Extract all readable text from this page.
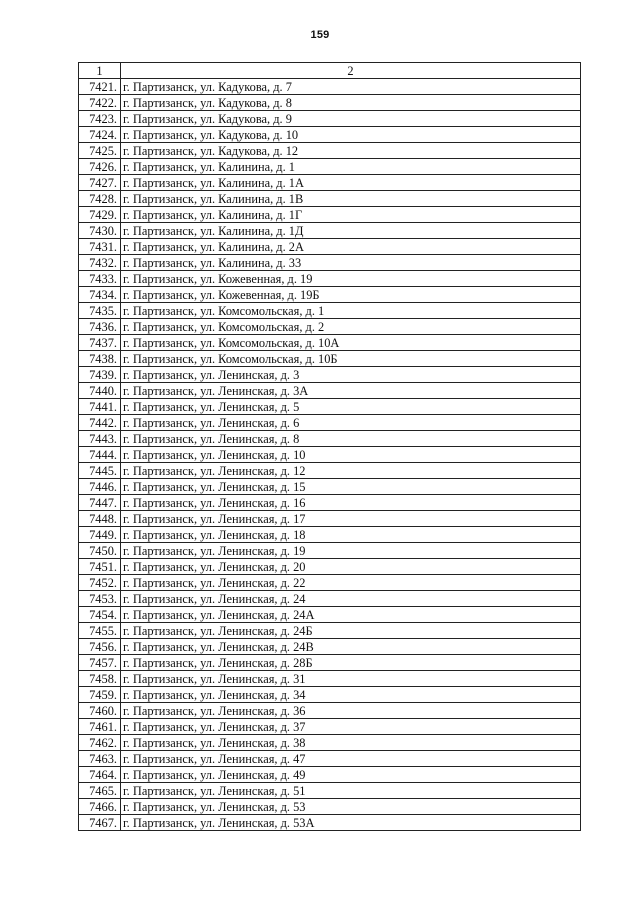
159
1	2
7421.	г. Партизанск, ул. Кадукова, д. 7
7422.	г. Партизанск, ул. Кадукова, д. 8
7423.	г. Партизанск, ул. Кадукова, д. 9
7424.	г. Партизанск, ул. Кадукова, д. 10
7425.	г. Партизанск, ул. Кадукова, д. 12
7426.	г. Партизанск, ул. Калинина, д. 1
7427.	г. Партизанск, ул. Калинина, д. 1А
7428.	г. Партизанск, ул. Калинина, д. 1В
7429.	г. Партизанск, ул. Калинина, д. 1Г
7430.	г. Партизанск, ул. Калинина, д. 1Д
7431.	г. Партизанск, ул. Калинина, д. 2А
7432.	г. Партизанск, ул. Калинина, д. 33
7433.	г. Партизанск, ул. Кожевенная, д. 19
7434.	г. Партизанск, ул. Кожевенная, д. 19Б
7435.	г. Партизанск, ул. Комсомольская, д. 1
7436.	г. Партизанск, ул. Комсомольская, д. 2
7437.	г. Партизанск, ул. Комсомольская, д. 10А
7438.	г. Партизанск, ул. Комсомольская, д. 10Б
7439.	г. Партизанск, ул. Ленинская, д. 3
7440.	г. Партизанск, ул. Ленинская, д. 3А
7441.	г. Партизанск, ул. Ленинская, д. 5
7442.	г. Партизанск, ул. Ленинская, д. 6
7443.	г. Партизанск, ул. Ленинская, д. 8
7444.	г. Партизанск, ул. Ленинская, д. 10
7445.	г. Партизанск, ул. Ленинская, д. 12
7446.	г. Партизанск, ул. Ленинская, д. 15
7447.	г. Партизанск, ул. Ленинская, д. 16
7448.	г. Партизанск, ул. Ленинская, д. 17
7449.	г. Партизанск, ул. Ленинская, д. 18
7450.	г. Партизанск, ул. Ленинская, д. 19
7451.	г. Партизанск, ул. Ленинская, д. 20
7452.	г. Партизанск, ул. Ленинская, д. 22
7453.	г. Партизанск, ул. Ленинская, д. 24
7454.	г. Партизанск, ул. Ленинская, д. 24А
7455.	г. Партизанск, ул. Ленинская, д. 24Б
7456.	г. Партизанск, ул. Ленинская, д. 24В
7457.	г. Партизанск, ул. Ленинская, д. 28Б
7458.	г. Партизанск, ул. Ленинская, д. 31
7459.	г. Партизанск, ул. Ленинская, д. 34
7460.	г. Партизанск, ул. Ленинская, д. 36
7461.	г. Партизанск, ул. Ленинская, д. 37
7462.	г. Партизанск, ул. Ленинская, д. 38
7463.	г. Партизанск, ул. Ленинская, д. 47
7464.	г. Партизанск, ул. Ленинская, д. 49
7465.	г. Партизанск, ул. Ленинская, д. 51
7466.	г. Партизанск, ул. Ленинская, д. 53
7467.	г. Партизанск, ул. Ленинская, д. 53А
